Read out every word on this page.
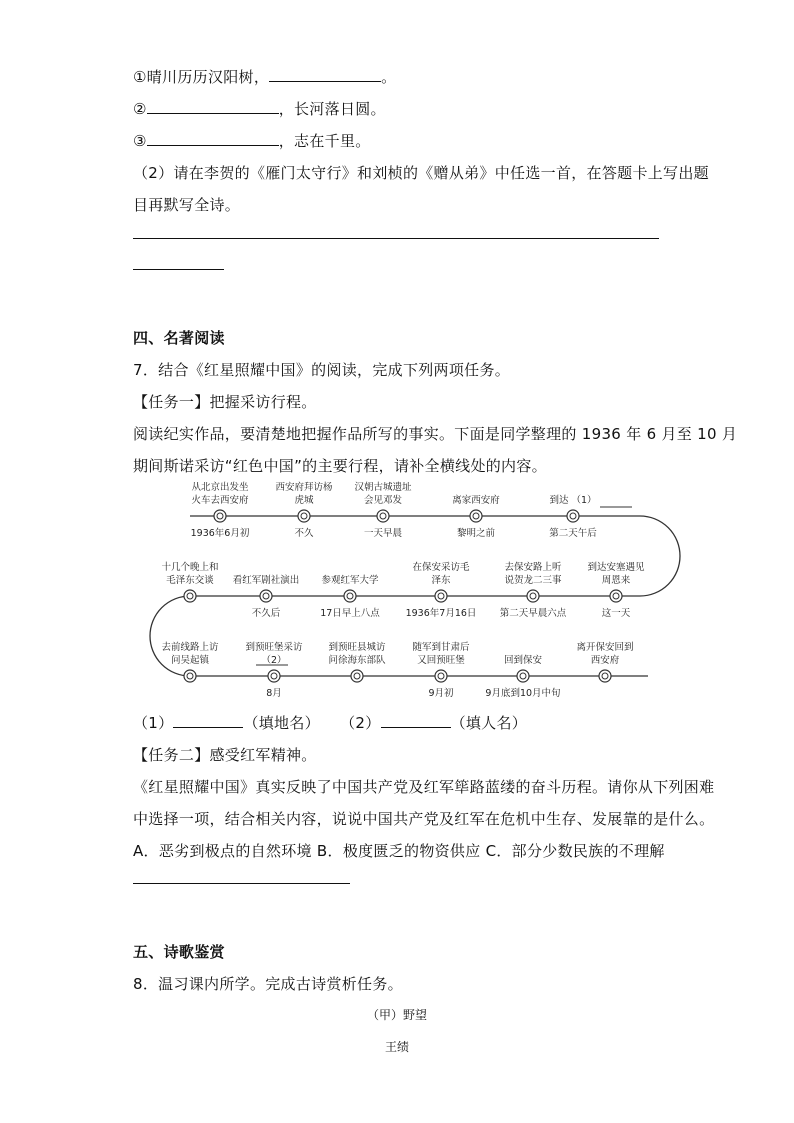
①晴川历历汉阳树，	。
②	，长河落日圆。
③	，志在千里。
（2）请在李贺的《雁门太守行》和刘桢的《赠从弟》中任选一首，在答题卡上写出题
目再默写全诗。
四、名著阅读
7．结合《红星照耀中国》的阅读，完成下列两项任务。
【任务一】把握采访行程。
阅读纪实作品，要清楚地把握作品所写的事实。下面是同学整理的 1936 年 6 月至 10 月
期间斯诺采访“红色中国”的主要行程，请补全横线处的内容。
从北京出发坐
火车去西安府
1936年6月初
西安府拜访杨
虎城
不久
汉朝古城遗址
会见邓发
一天早晨
离家西安府
黎明之前
到达 （1）
第二天午后
十几个晚上和
毛泽东交谈 看红军剧社演出
不久后
参观红军大学
17日早上八点
在保安采访毛
泽东
1936年7月16日
去保安路上听
说贺龙二三事
第二天早晨六点
到达安塞遇见
周恩来
这一天
去前线路上访
问吴起镇
到预旺堡采访
（2）
8月
到预旺县城访
问徐海东部队
随军到甘肃后
又回预旺堡
9月初
回到保安
9月底到10月中旬
离开保安回到
西安府
（1）	（填地名） （2）	（填人名）
【任务二】感受红军精神。
《红星照耀中国》真实反映了中国共产党及红军筚路蓝缕的奋斗历程。请你从下列困难
中选择一项，结合相关内容，说说中国共产党及红军在危机中生存、发展靠的是什么。
A．恶劣到极点的自然环境 B．极度匮乏的物资供应 C．部分少数民族的不理解
五、诗歌鉴赏
8．温习课内所学。完成古诗赏析任务。
（甲）野望
王绩
